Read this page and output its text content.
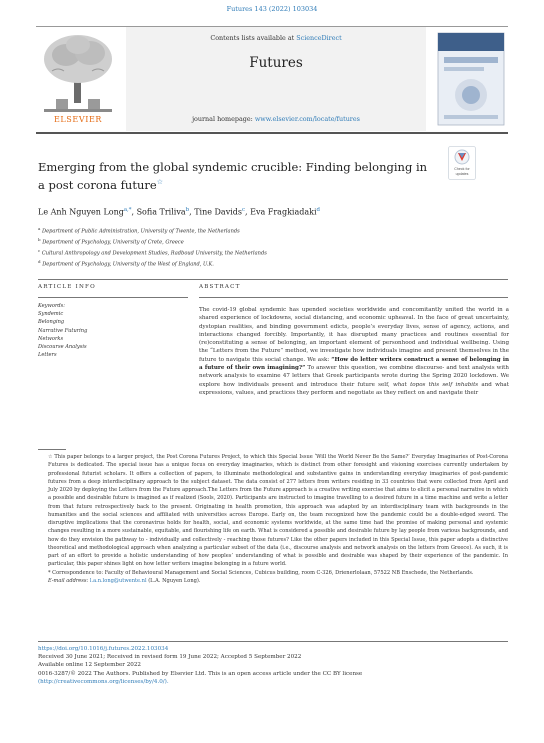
Futures 143 (2022) 103034
ELSEVIER
Contents lists available at ScienceDirect
Futures
journal homepage: www.elsevier.com/locate/futures
Emerging from the global syndemic crucible: Finding belonging in
a post corona future☆
Check for
updates
Le Anh Nguyen Long$^{a,*}$, Sofia Triliva$^b$, Tine Davids$^c$, Eva Fragkiadaki$^d$
$^a$ Department of Public Administration, University of Twente, the Netherlands
$^b$ Department of Psychology, University of Crete, Greece
$^c$ Cultural Anthropology and Development Studies, Radboud University, the Netherlands
$^d$ Department of Psychology, University of the West of England, U.K.
ARTICLE INFO	ABSTRACT
Keywords:
Syndemic
Belonging
Narrative Futuring
Networks
Discourse Analysis
Letters
The covid-19 global syndemic has upended societies worldwide and concomitantly united the world in a shared experience of lockdowns, social distancing, and economic upheaval. In the face of great uncertainty, dystopian realities, and binding government edicts, people’s everyday lives, sense of agency, actions, and interactions changed forcibly. Importantly, it has disrupted many practices and routines essential for (re)constituting a sense of belonging, an important element of personhood and individual wellbeing. Using the “Letters from the Future” method, we investigate how individuals imagine and present themselves in the future to navigate this social change. We ask: “How do letter writers construct a sense of belonging in a future of their own imagining?” To answer this question, we combine discourse- and text analysis with network analysis to examine 47 letters that Greek participants wrote during the Spring 2020 lockdown. We explore how individuals present and introduce their future self, what topos this self inhabits and what expressions, values, and practices they perform and negotiate as they reflect on and navigate their

☆ This paper belongs to a larger project, the Post Corona Futures Project, to which this Special Issue ‘Will the World Never Be the Same?’ Everyday Imaginaries of Post-Corona Futures is dedicated. The special issue has a unique focus on everyday imaginaries, which is distinct from other foresight and visioning exercises currently undertaken by professional futurist scholars. It offers a collection of papers, to illuminate methodological and substantive gains in understanding everyday imaginaries of post-pandemic futures from a deep interdisciplinary approach to the subject dataset. The data consist of 277 letters from writers residing in 33 countries that were collected from April and July 2020 by deploying the Letters from the Future approach.The Letters from the Future approach is a creative writing exercise that aims to elicit a personal narrative in which a possible and desirable future is imagined as if realized (Sools, 2020). Participants are instructed to imagine travelling to a desired future in a time machine and write a letter from that future retrospectively back to the present. Originating in health promotion, this approach was adapted by an interdisciplinary team with backgrounds in the humanities and the social sciences and affiliated with universities across Europe. Early on, the team recognized how the pandemic could be a double-edged sword. The disruptive implications that the coronavirus holds for health, social, and economic systems worldwide, at the same time had the promise of making personal and systemic changes resulting in a more sustainable, equitable, and flourishing life on earth. What is considered a possible and desirable future by lay people from various backgrounds, and how do they envision the pathway to - individually and collectively - reaching those futures? Like the other papers included in this Special Issue, this paper adopts a distinctive theoretical and methodological approach when analyzing a particular subset of the data (i.e., discourse analysis and network analysis on the letters from Greece). As such, it is part of an effort to provide a holistic understanding of how peoples’ understanding of what is possible and desirable was shaped by their experience of the pandemic. In particular, this paper shines light on how letter writers imagine belonging in a future world.

* Correspondence to: Faculty of Behavioural Management and Social Sciences, Cubicus building, room C-326, Drienerlolaan, 57522 NB Enschede, the Netherlands.

E-mail address: l.a.n.long@utwente.nl (L.A. Nguyen Long).

https://doi.org/10.1016/j.futures.2022.103034
Received 30 June 2021; Received in revised form 19 June 2022; Accepted 5 September 2022
Available online 12 September 2022
0016-3287/© 2022 The Authors. Published by Elsevier Ltd. This is an open access article under the CC BY license
(http://creativecommons.org/licenses/by/4.0/).
